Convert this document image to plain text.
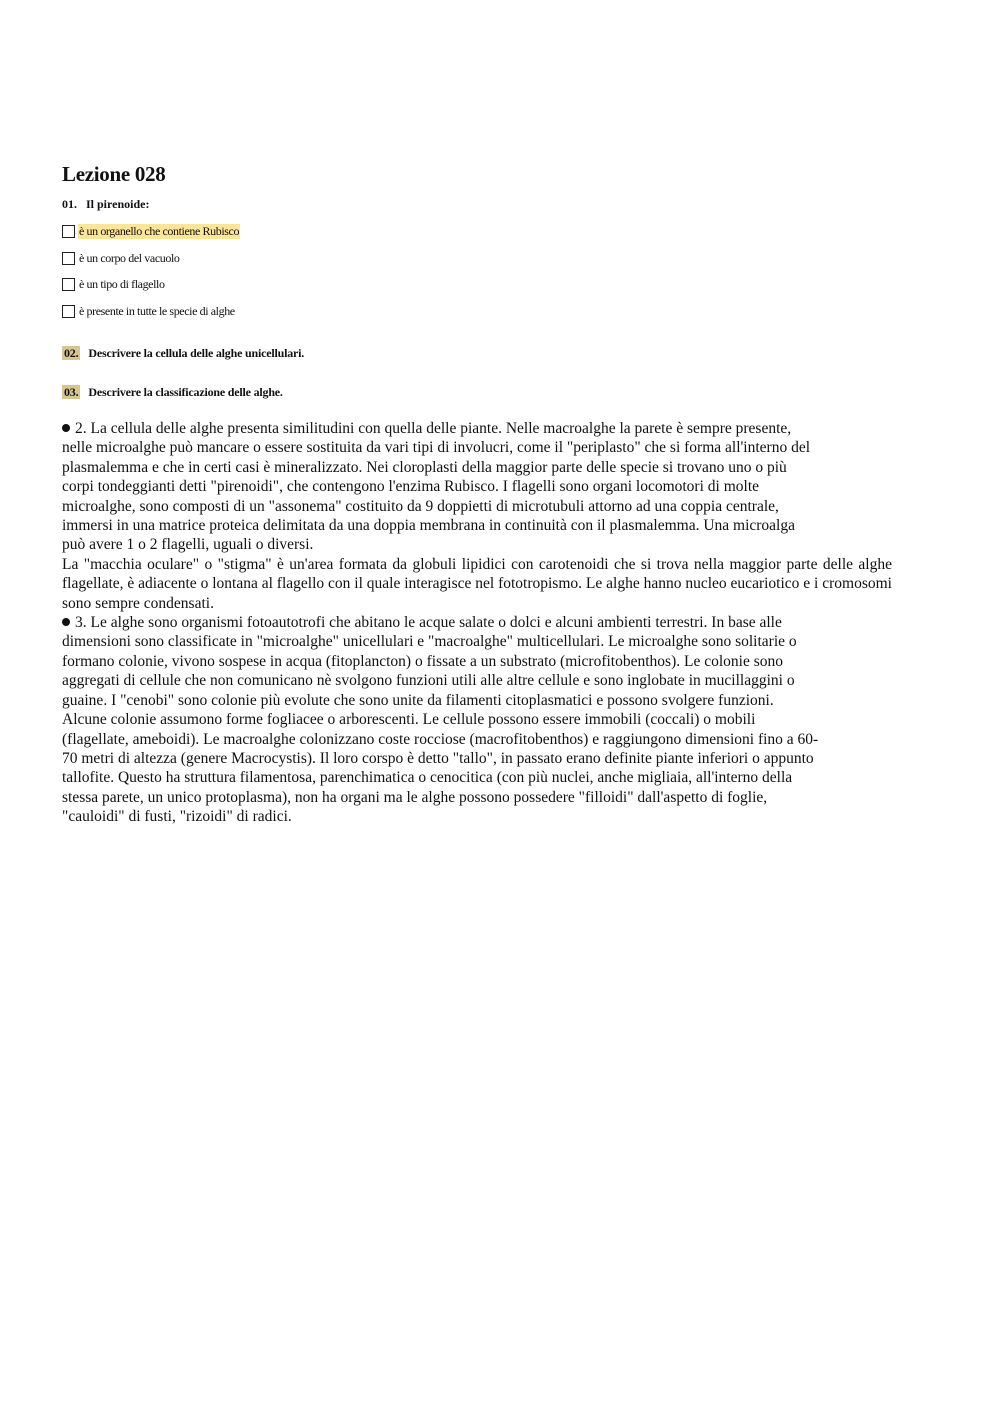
Lezione 028
01. Il pirenoide:
è un organello che contiene Rubisco
è un corpo del vacuolo
è un tipo di flagello
è presente in tutte le specie di alghe
02. Descrivere la cellula delle alghe unicellulari.
03. Descrivere la classificazione delle alghe.

2. La cellula delle alghe presenta similitudini con quella delle piante. Nelle macroalghe la parete è sempre presente,
nelle microalghe può mancare o essere sostituita da vari tipi di involucri, come il "periplasto" che si forma all'interno del
plasmalemma e che in certi casi è mineralizzato. Nei cloroplasti della maggior parte delle specie si trovano uno o più
corpi tondeggianti detti "pirenoidi", che contengono l'enzima Rubisco. I flagelli sono organi locomotori di molte
microalghe, sono composti di un "assonema" costituito da 9 doppietti di microtubuli attorno ad una coppia centrale,
immersi in una matrice proteica delimitata da una doppia membrana in continuità con il plasmalemma. Una microalga
può avere 1 o 2 flagelli, uguali o diversi.

La "macchia oculare" o "stigma" è un'area formata da globuli lipidici con carotenoidi che si trova nella maggior parte delle alghe flagellate, è adiacente o lontana al flagello con il quale interagisce nel fototropismo. Le alghe hanno nucleo eucariotico e i cromosomi sono sempre condensati.

3. Le alghe sono organismi fotoautotrofi che abitano le acque salate o dolci e alcuni ambienti terrestri. In base alle
dimensioni sono classificate in "microalghe" unicellulari e "macroalghe" multicellulari. Le microalghe sono solitarie o
formano colonie, vivono sospese in acqua (fitoplancton) o fissate a un substrato (microfitobenthos). Le colonie sono
aggregati di cellule che non comunicano nè svolgono funzioni utili alle altre cellule e sono inglobate in mucillaggini o
guaine. I "cenobi" sono colonie più evolute che sono unite da filamenti citoplasmatici e possono svolgere funzioni.
Alcune colonie assumono forme fogliacee o arborescenti. Le cellule possono essere immobili (coccali) o mobili
(flagellate, ameboidi). Le macroalghe colonizzano coste rocciose (macrofitobenthos) e raggiungono dimensioni fino a 60-
70 metri di altezza (genere Macrocystis). Il loro corspo è detto "tallo", in passato erano definite piante inferiori o appunto
tallofite. Questo ha struttura filamentosa, parenchimatica o cenocitica (con più nuclei, anche migliaia, all'interno della
stessa parete, un unico protoplasma), non ha organi ma le alghe possono possedere "filloidi" dall'aspetto di foglie,
"cauloidi" di fusti, "rizoidi" di radici.
